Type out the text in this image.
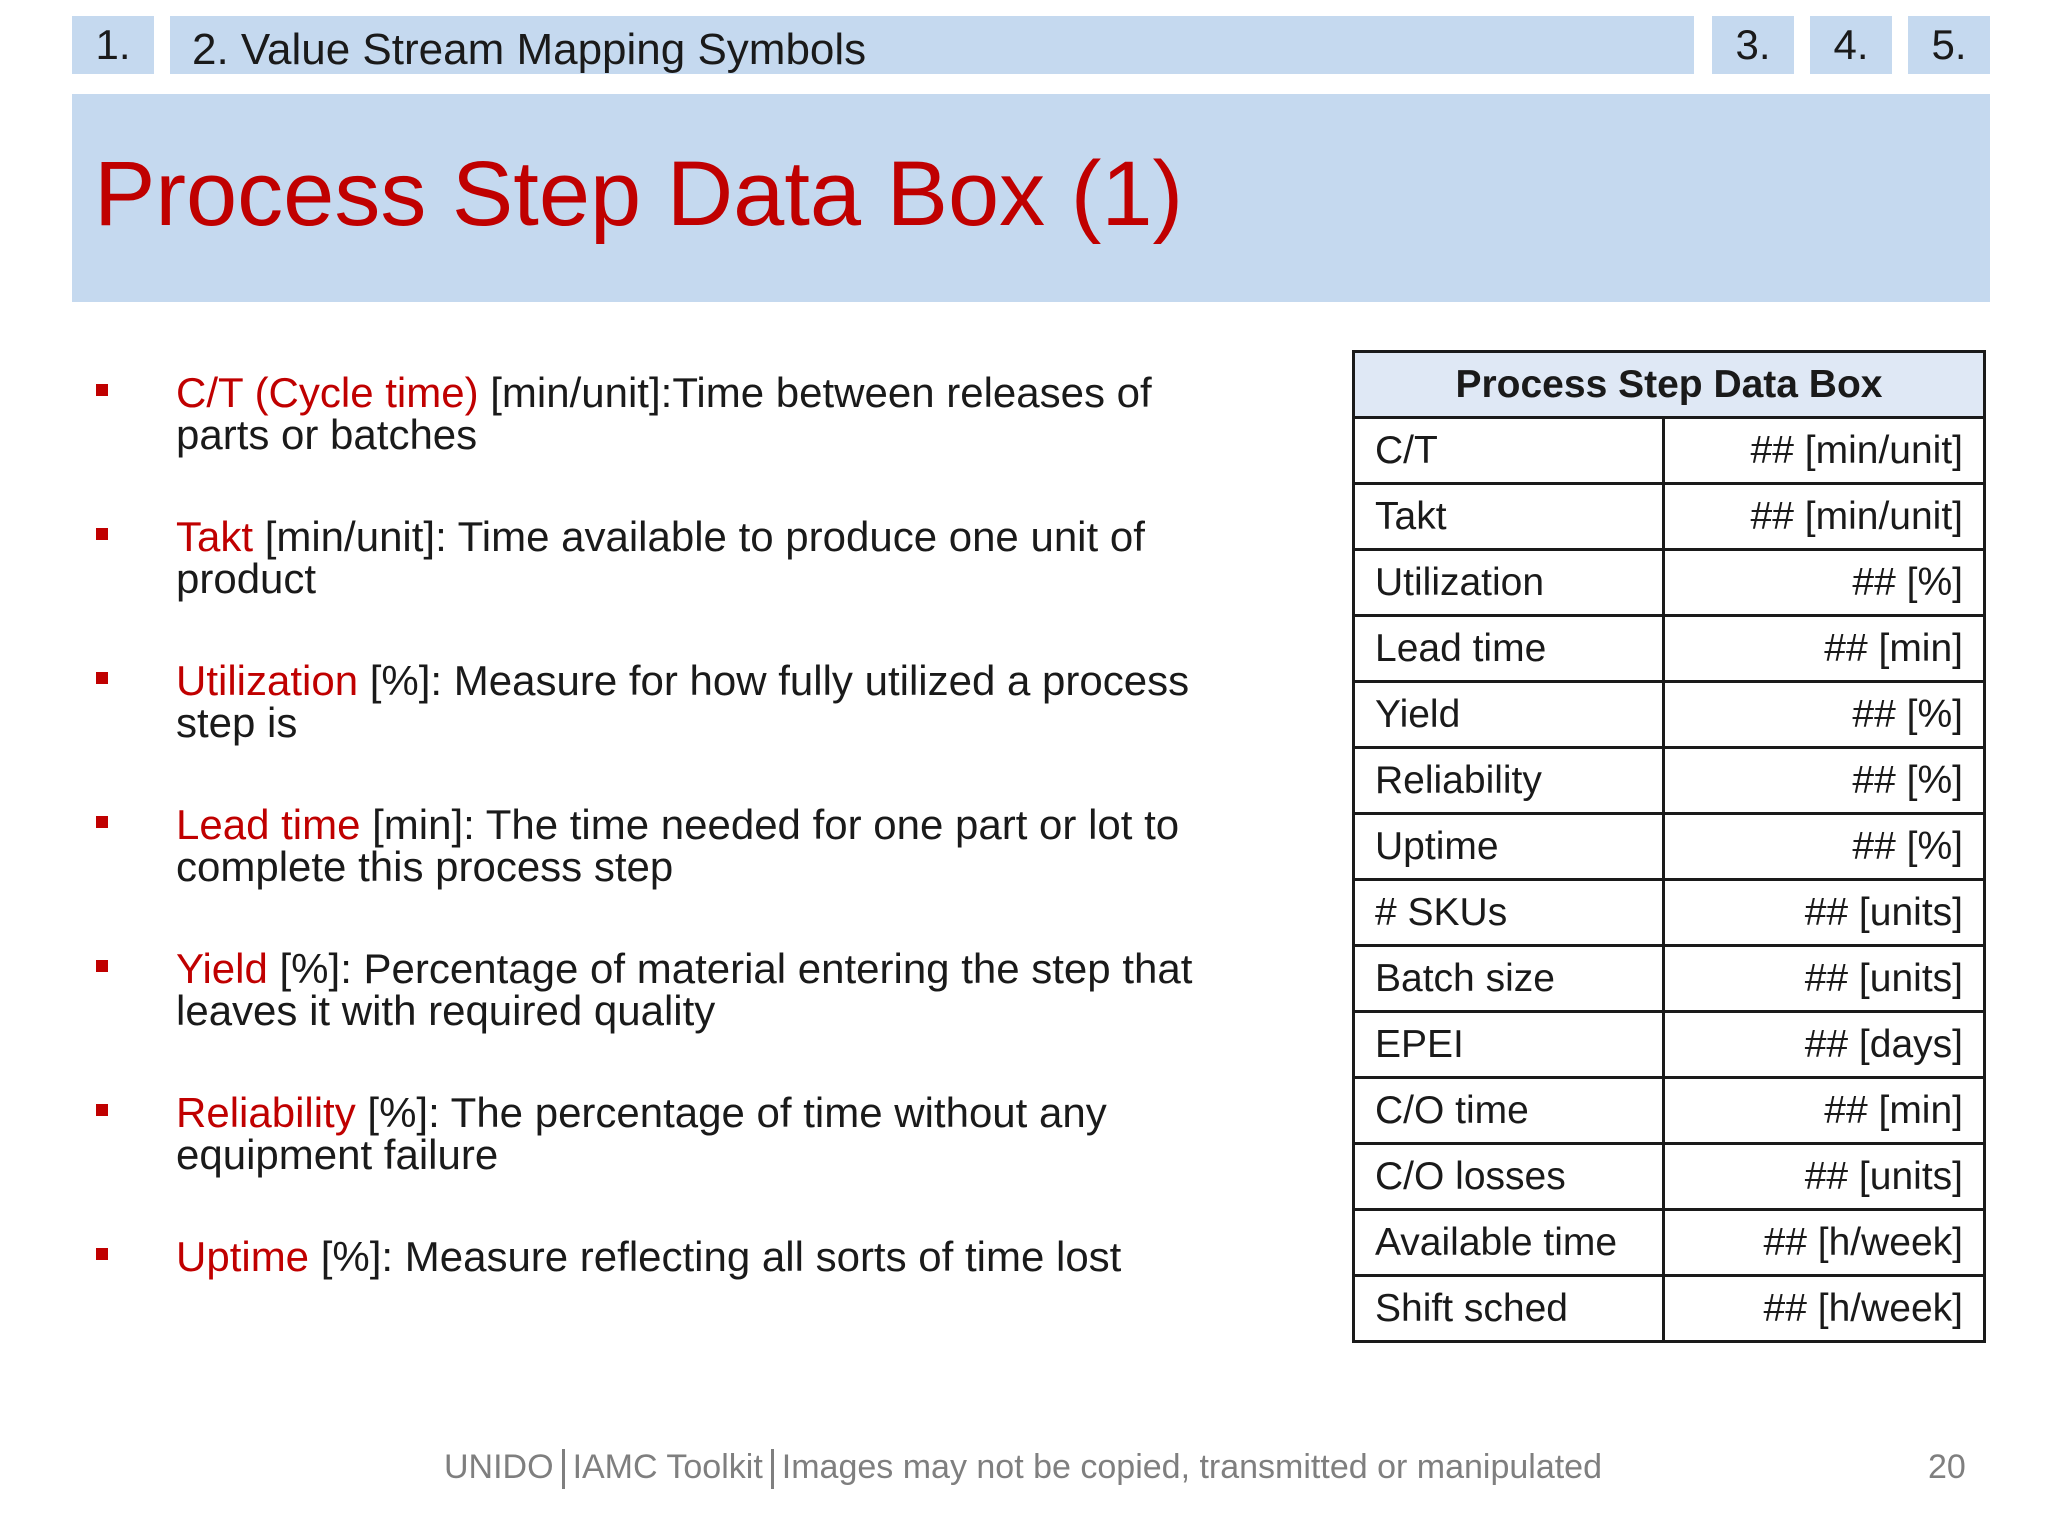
1.	2. Value Stream Mapping Symbols	3.	4.	5.
Process Step Data Box (1)
C/T (Cycle time) [min/unit]:Time between releases of parts or batches
Takt [min/unit]: Time available to produce one unit of product
Utilization [%]: Measure for how fully utilized a process step is
Lead time [min]: The time needed for one part or lot to complete this process step
Yield [%]: Percentage of material entering the step that leaves it with required quality
Reliability [%]: The percentage of time without any equipment failure
Uptime [%]: Measure reflecting all sorts of time lost
Process Step Data Box	
C/T	## [min/unit]
Takt	## [min/unit]
Utilization	## [%]
Lead time	## [min]
Yield	## [%]
Reliability	## [%]
Uptime	## [%]
# SKUs	## [units]
Batch size	## [units]
EPEI	## [days]
C/O time	## [min]
C/O losses	## [units]
Available time	## [h/week]
Shift sched	## [h/week]
UNIDO IAMC Toolkit Images may not be copied, transmitted or manipulated	20
